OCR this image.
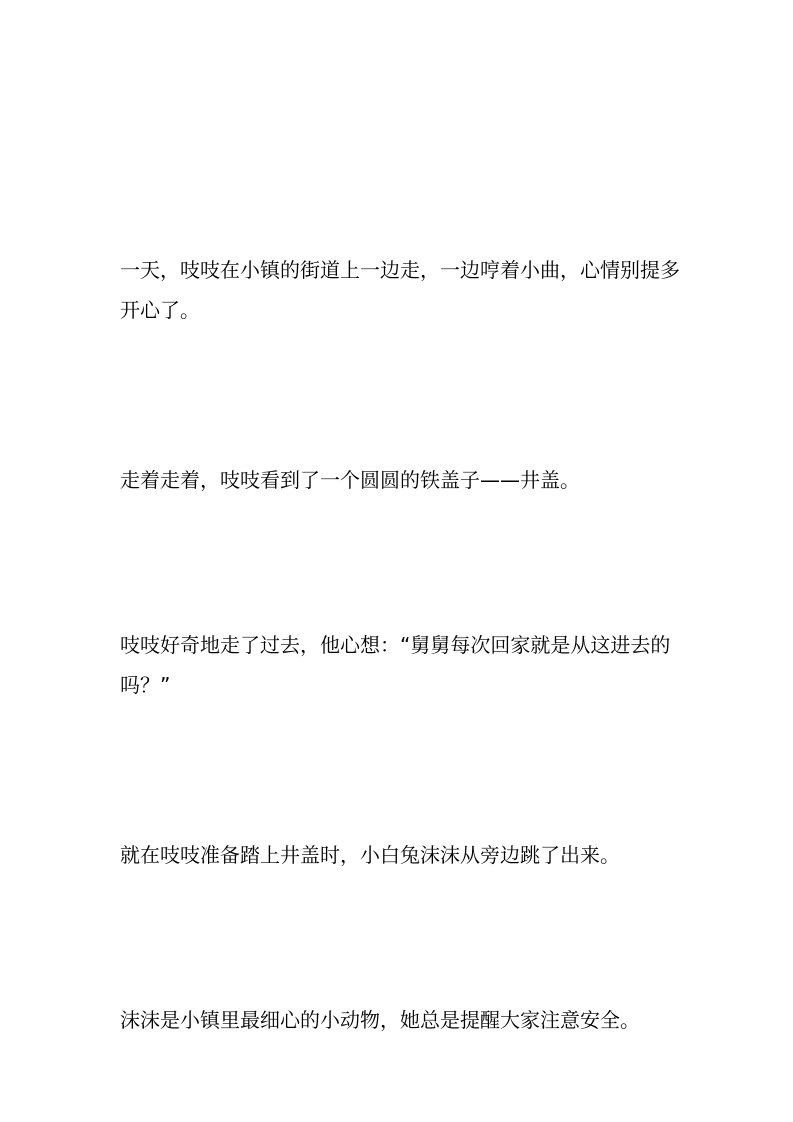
一天，吱吱在小镇的街道上一边走，一边哼着小曲，心情别提多开心了。

走着走着，吱吱看到了一个圆圆的铁盖子——井盖。

吱吱好奇地走了过去，他心想：“舅舅每次回家就是从这进去的吗？”

就在吱吱准备踏上井盖时，小白兔沫沫从旁边跳了出来。

沫沫是小镇里最细心的小动物，她总是提醒大家注意安全。
